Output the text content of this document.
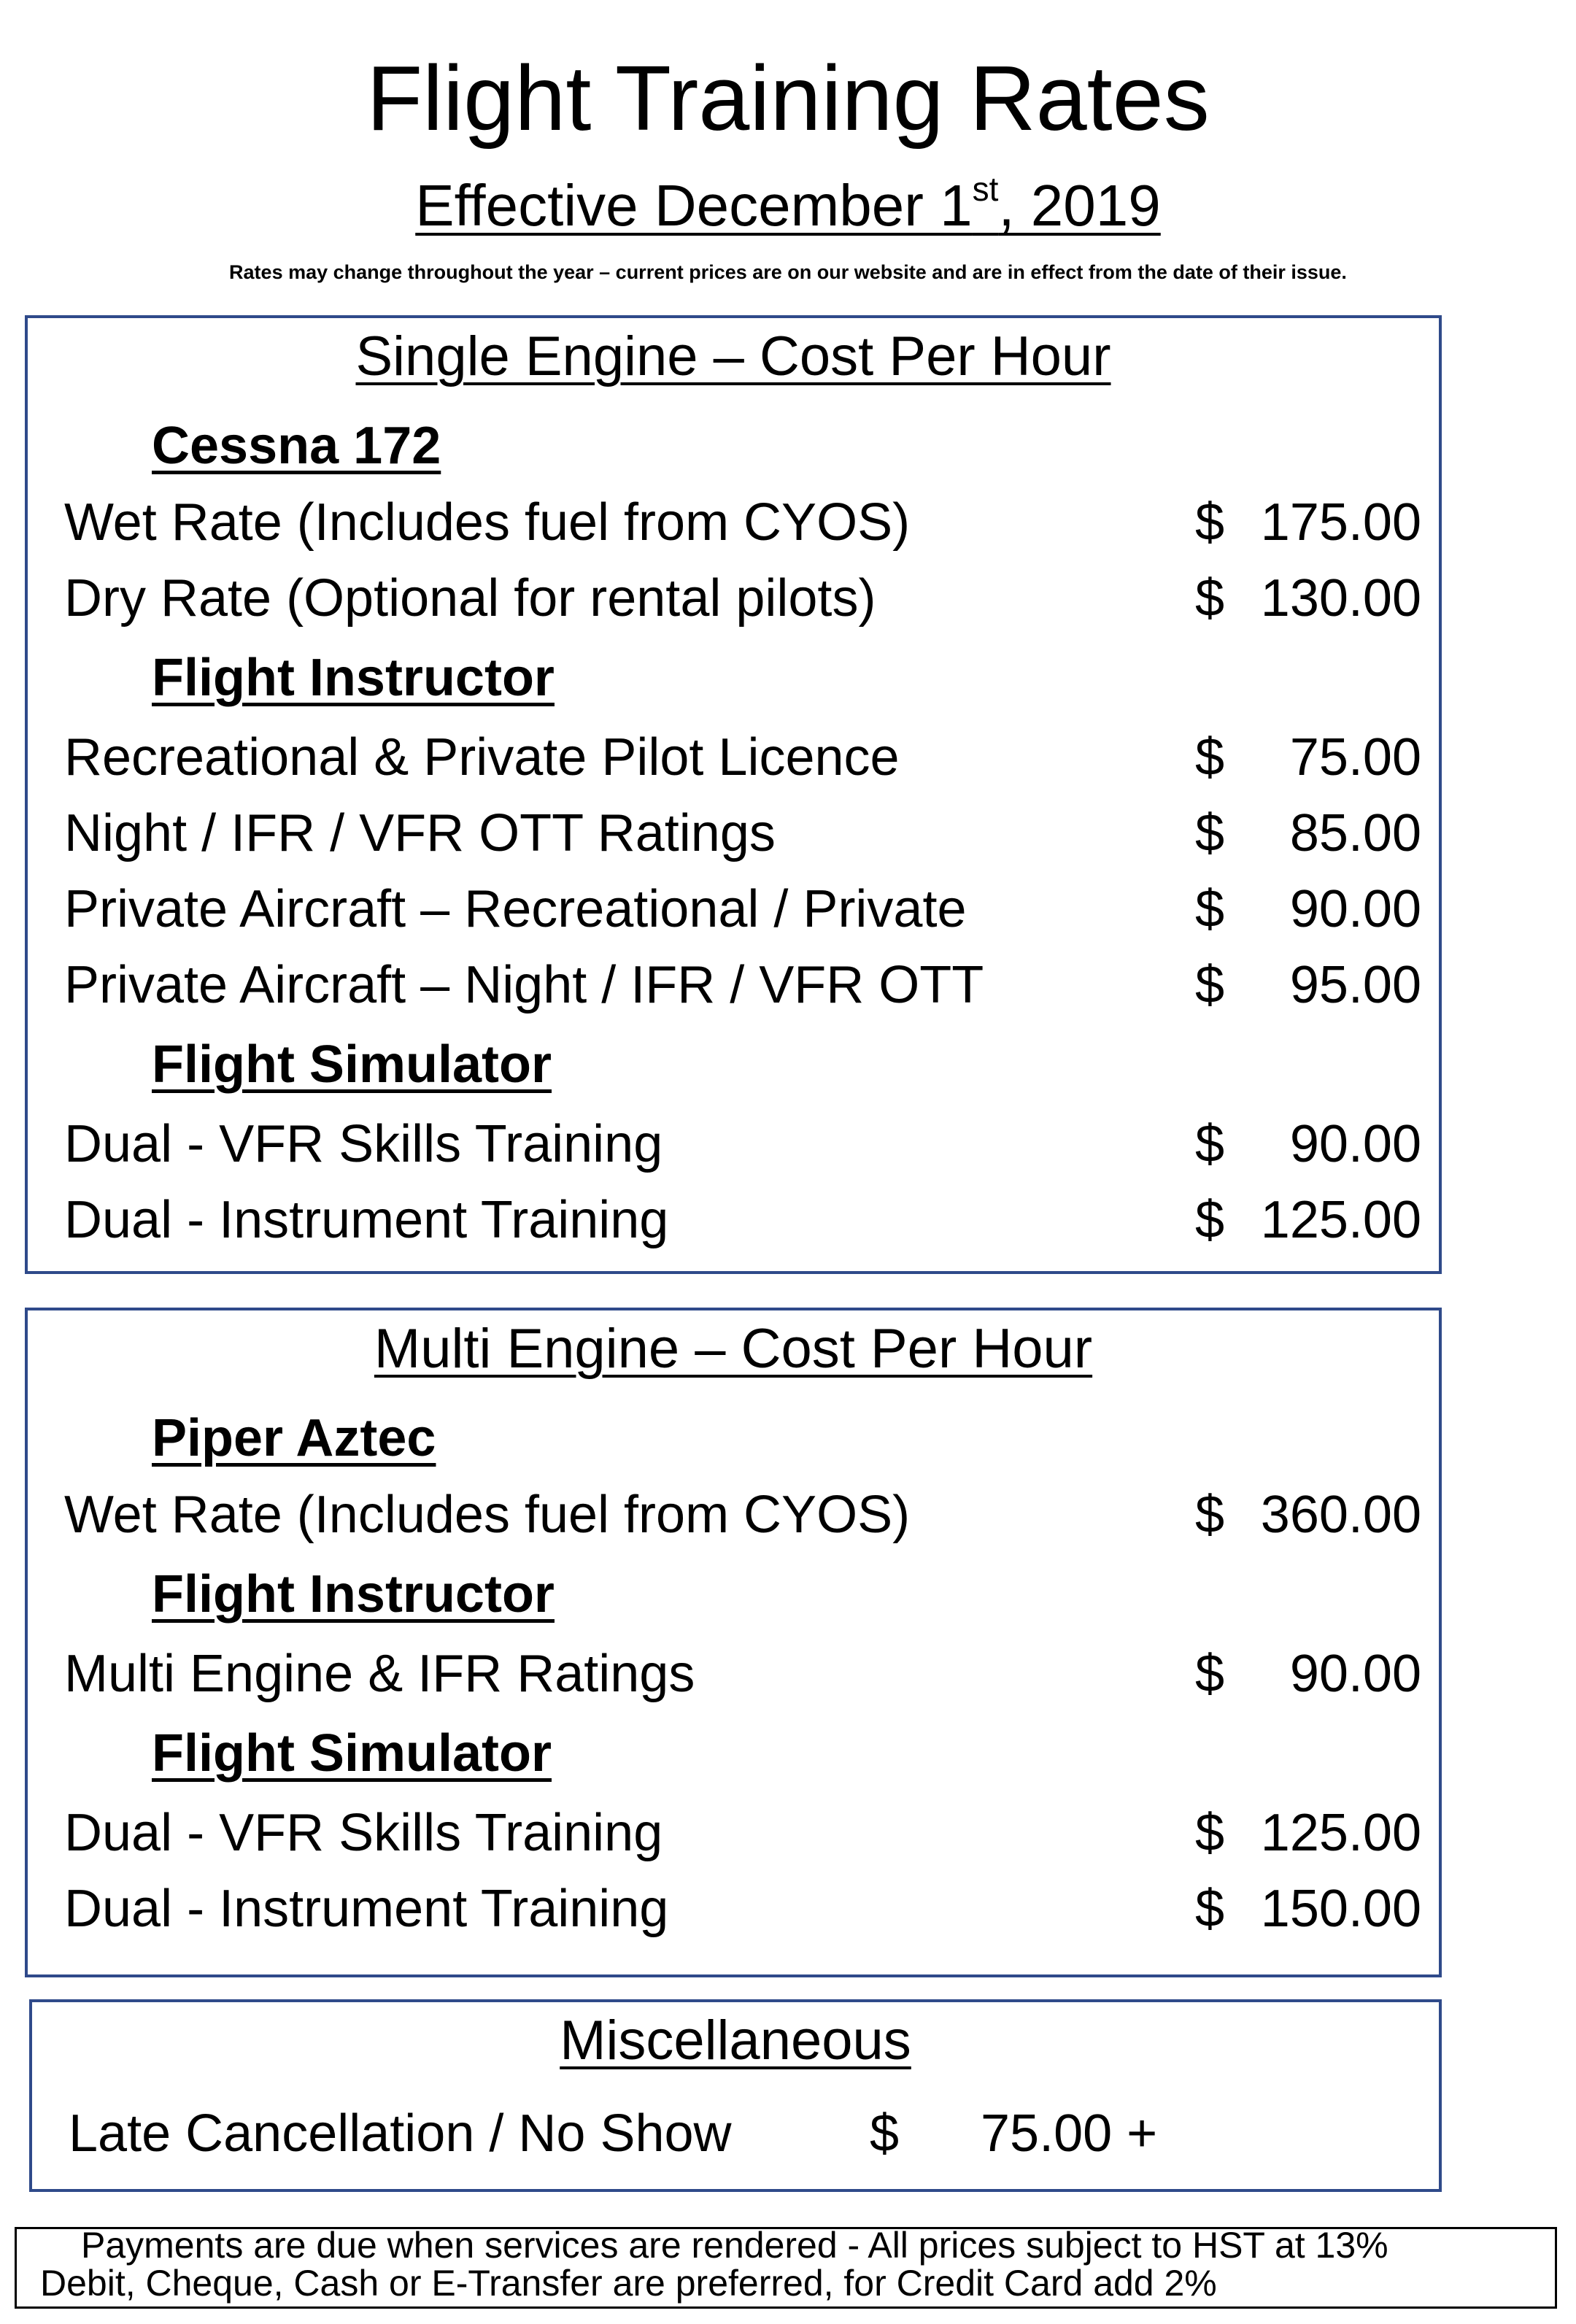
Flight Training Rates
Effective December 1st, 2019
Rates may change throughout the year – current prices are on our website and are in effect from the date of their issue.
Single Engine – Cost Per Hour
Cessna 172
Wet Rate (Includes fuel from CYOS)	$ 175.00
Dry Rate (Optional for rental pilots)	$ 130.00
Flight Instructor
Recreational & Private Pilot Licence	$ 75.00
Night / IFR / VFR OTT Ratings	$ 85.00
Private Aircraft – Recreational / Private	$ 90.00
Private Aircraft – Night / IFR / VFR OTT	$ 95.00
Flight Simulator
Dual - VFR Skills Training	$ 90.00
Dual - Instrument Training	$ 125.00
Multi Engine – Cost Per Hour
Piper Aztec
Wet Rate (Includes fuel from CYOS)	$ 360.00
Flight Instructor
Multi Engine & IFR Ratings	$ 90.00
Flight Simulator
Dual - VFR Skills Training	$ 125.00
Dual - Instrument Training	$ 150.00
Miscellaneous
Late Cancellation / No Show	$ 75.00 +
Payments are due when services are rendered - All prices subject to HST at 13%
Debit, Cheque, Cash or E-Transfer are preferred, for Credit Card add 2%
